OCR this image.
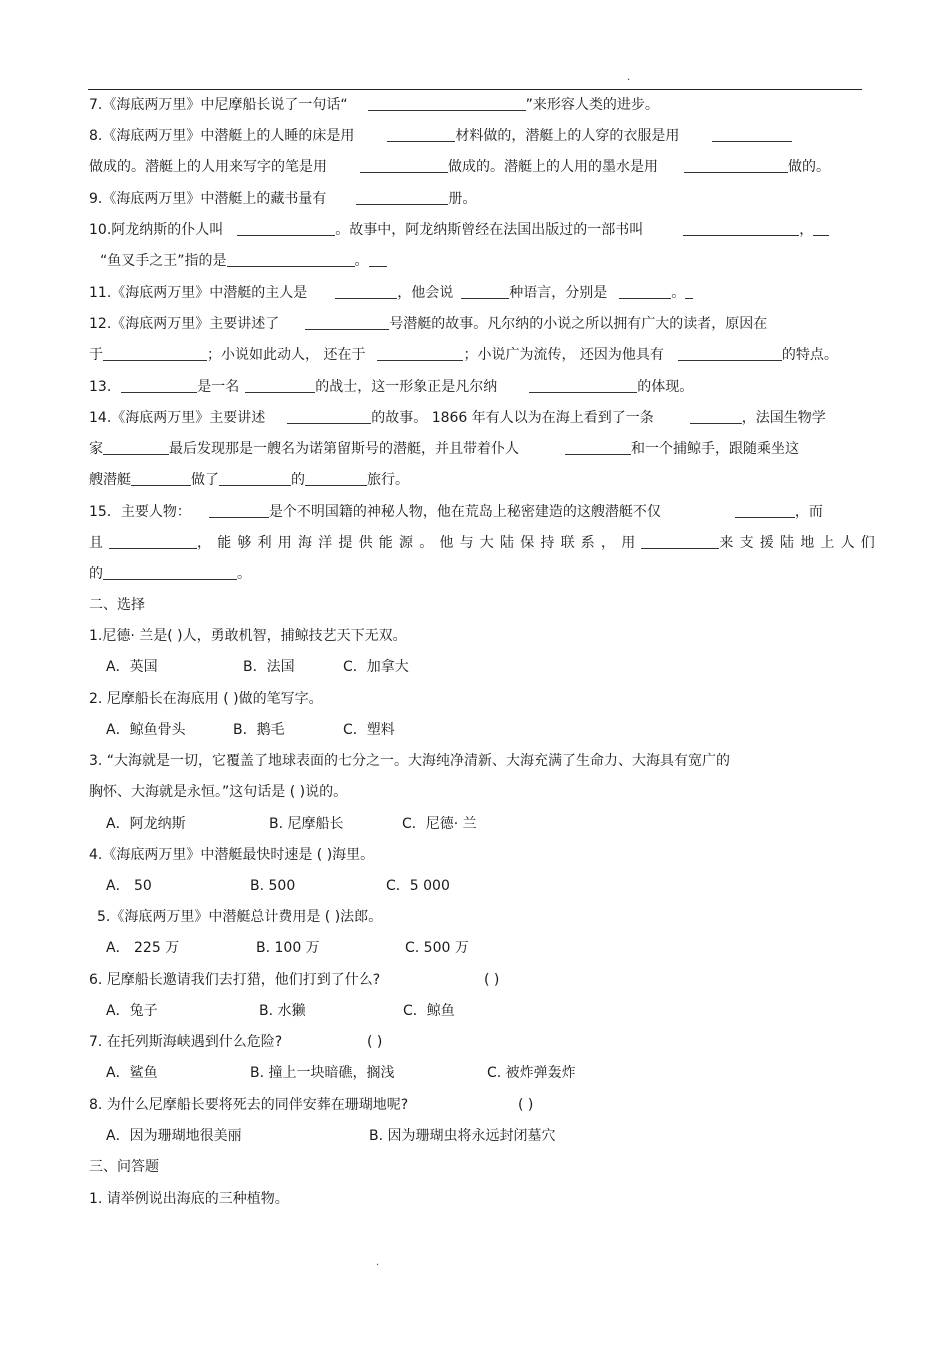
.
7.《海底两万里》中尼摩船长说了一句话“	”来形容人类的进步。
8.《海底两万里》中潜艇上的人睡的床是用	材料做的，潜艇上的人穿的衣服是用
做成的。潜艇上的人用来写字的笔是用	做成的。潜艇上的人用的墨水是用	做的。
9.《海底两万里》中潜艇上的藏书量有	册。
10.阿龙纳斯的仆人叫	。故事中，阿龙纳斯曾经在法国出版过的一部书叫	，
“鱼叉手之王”指的是	。
11.《海底两万里》中潜艇的主人是	，他会说	种语言，分别是	。
12.《海底两万里》主要讲述了	号潜艇的故事。凡尔纳的小说之所以拥有广大的读者，原因在
于	；小说如此动人， 还在于	；小说广为流传， 还因为他具有	的特点。
13.	是一名	的战士，这一形象正是凡尔纳	的体现。
14.《海底两万里》主要讲述	的故事。 1866 年有人以为在海上看到了一条	，法国生物学
家	最后发现那是一艘名为诺第留斯号的潜艇，并且带着仆人	和一个捕鲸手，跟随乘坐这
艘潜艇	做了	的	旅行。
15．主要人物：	是个不明国籍的神秘人物，他在荒岛上秘密建造的这艘潜艇不仅	，而
且	，能够利用海洋提供能源。他与大陆保持联系，用	来支援陆地上人们
的	。
二、选择
1.尼德· 兰是( )人，勇敢机智，捕鲸技艺天下无双。
A．英国	B．法国	C．加拿大
2. 尼摩船长在海底用 ( )做的笔写字。
A．鲸鱼骨头	B．鹅毛	C．塑料
3. “大海就是一切，它覆盖了地球表面的七分之一。大海纯净清新、大海充满了生命力、大海具有宽广的
胸怀、大海就是永恒。”这句话是 ( )说的。
A．阿龙纳斯	B. 尼摩船长	C．尼德· 兰
4.《海底两万里》中潜艇最快时速是 ( )海里。
A． 50	B. 500	C．5 000
5.《海底两万里》中潜艇总计费用是 ( )法郎。
A． 225 万	B. 100 万	C. 500 万
6. 尼摩船长邀请我们去打猎，他们打到了什么?	( )
A．兔子	B. 水獭	C．鲸鱼
7. 在托列斯海峡遇到什么危险?	( )
A．鲨鱼	B. 撞上一块暗礁，搁浅	C. 被炸弹轰炸
8. 为什么尼摩船长要将死去的同伴安葬在珊瑚地呢?	( )
A．因为珊瑚地很美丽	B. 因为珊瑚虫将永远封闭墓穴
三、问答题
1. 请举例说出海底的三种植物。
.
